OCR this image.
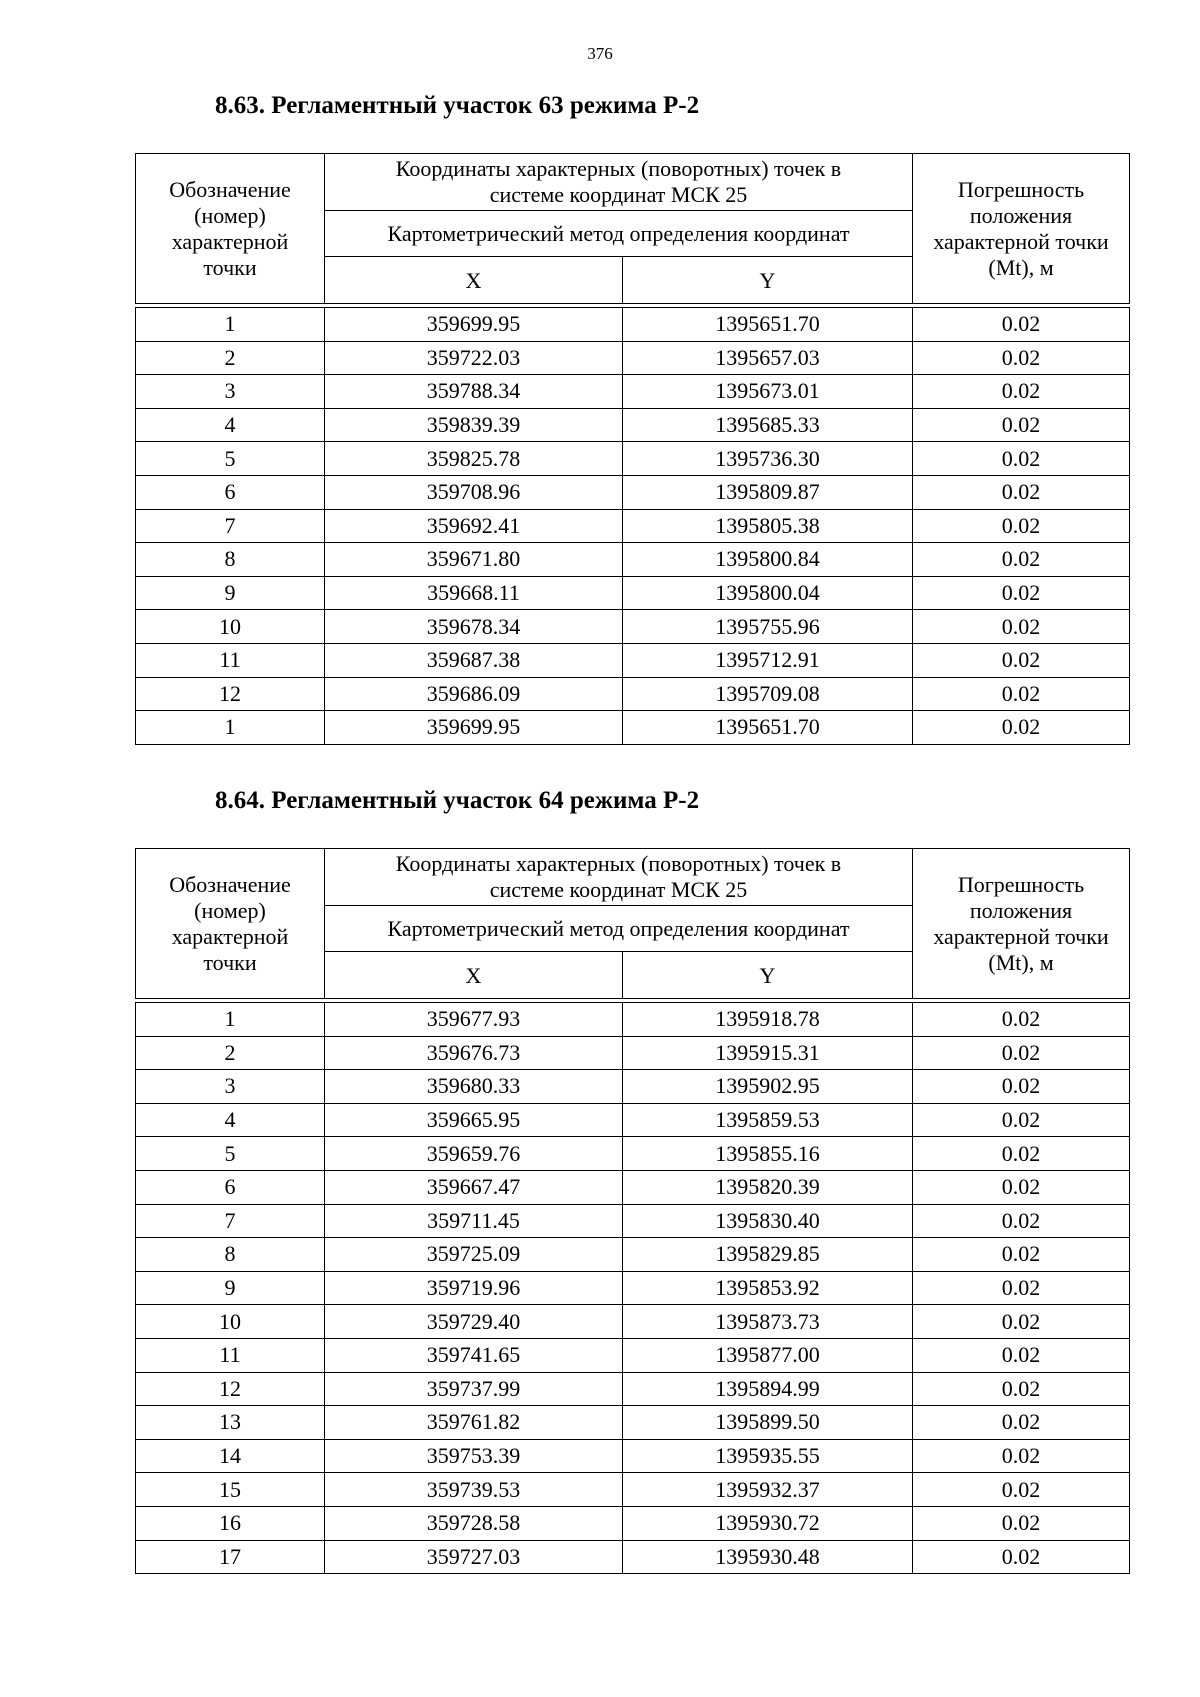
376
8.63. Регламентный участок 63 режима Р-2
Обозначение
(номер)
характерной
точки	Координаты характерных (поворотных) точек в
системе координат МСК 25		Погрешность
положения
характерной точки
(Mt), м
	Картометрический метод определения координат		
	X	Y	

1	359699.95	1395651.70	0.02
2	359722.03	1395657.03	0.02
3	359788.34	1395673.01	0.02
4	359839.39	1395685.33	0.02
5	359825.78	1395736.30	0.02
6	359708.96	1395809.87	0.02
7	359692.41	1395805.38	0.02
8	359671.80	1395800.84	0.02
9	359668.11	1395800.04	0.02
10	359678.34	1395755.96	0.02
11	359687.38	1395712.91	0.02
12	359686.09	1395709.08	0.02
1	359699.95	1395651.70	0.02
8.64. Регламентный участок 64 режима Р-2
Обозначение
(номер)
характерной
точки	Координаты характерных (поворотных) точек в
системе координат МСК 25		Погрешность
положения
характерной точки
(Mt), м
	Картометрический метод определения координат		
	X	Y	

1	359677.93	1395918.78	0.02
2	359676.73	1395915.31	0.02
3	359680.33	1395902.95	0.02
4	359665.95	1395859.53	0.02
5	359659.76	1395855.16	0.02
6	359667.47	1395820.39	0.02
7	359711.45	1395830.40	0.02
8	359725.09	1395829.85	0.02
9	359719.96	1395853.92	0.02
10	359729.40	1395873.73	0.02
11	359741.65	1395877.00	0.02
12	359737.99	1395894.99	0.02
13	359761.82	1395899.50	0.02
14	359753.39	1395935.55	0.02
15	359739.53	1395932.37	0.02
16	359728.58	1395930.72	0.02
17	359727.03	1395930.48	0.02
